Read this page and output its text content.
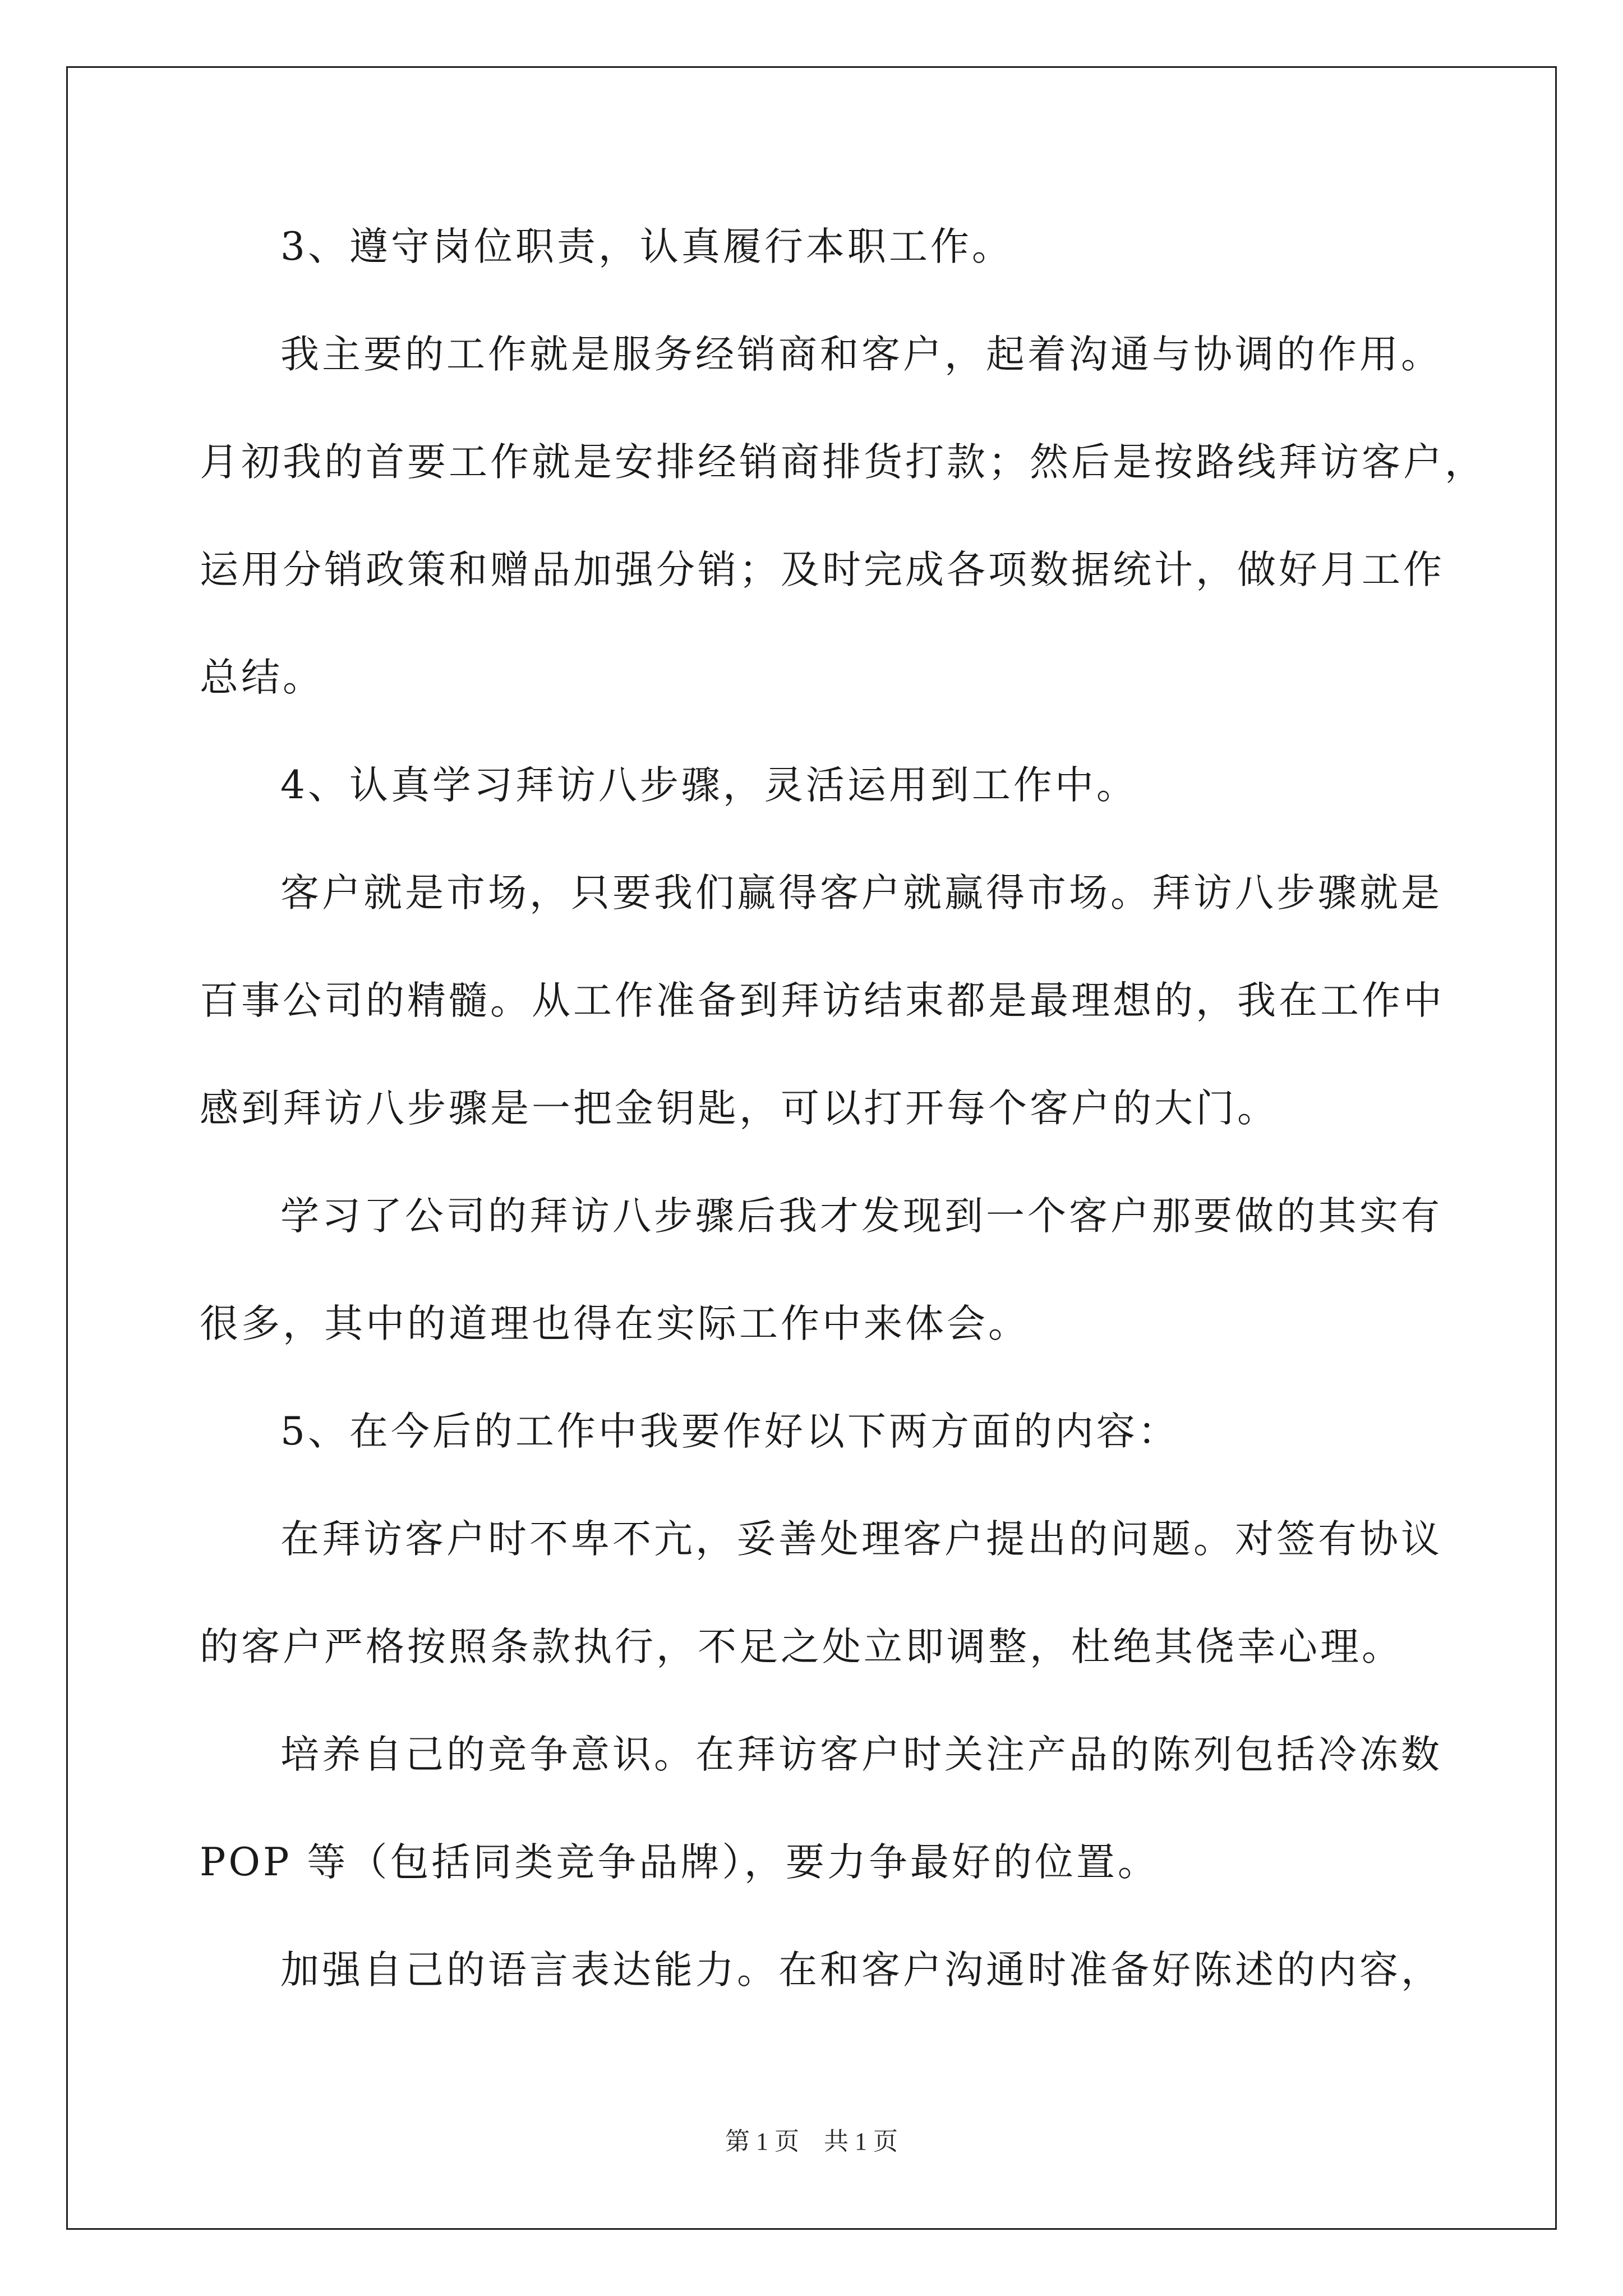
3、遵守岗位职责，认真履行本职工作。
我主要的工作就是服务经销商和客户，起着沟通与协调的作用。
月初我的首要工作就是安排经销商排货打款；然后是按路线拜访客户，
运用分销政策和赠品加强分销；及时完成各项数据统计，做好月工作
总结。
4、认真学习拜访八步骤，灵活运用到工作中。
客户就是市场，只要我们赢得客户就赢得市场。拜访八步骤就是
百事公司的精髓。从工作准备到拜访结束都是最理想的，我在工作中
感到拜访八步骤是一把金钥匙，可以打开每个客户的大门。
学习了公司的拜访八步骤后我才发现到一个客户那要做的其实有
很多，其中的道理也得在实际工作中来体会。
5、在今后的工作中我要作好以下两方面的内容：
在拜访客户时不卑不亢，妥善处理客户提出的问题。对签有协议
的客户严格按照条款执行，不足之处立即调整，杜绝其侥幸心理。
培养自己的竞争意识。在拜访客户时关注产品的陈列包括冷冻数
POP 等（包括同类竞争品牌），要力争最好的位置。
加强自己的语言表达能力。在和客户沟通时准备好陈述的内容，
第 1 页　共 1 页
